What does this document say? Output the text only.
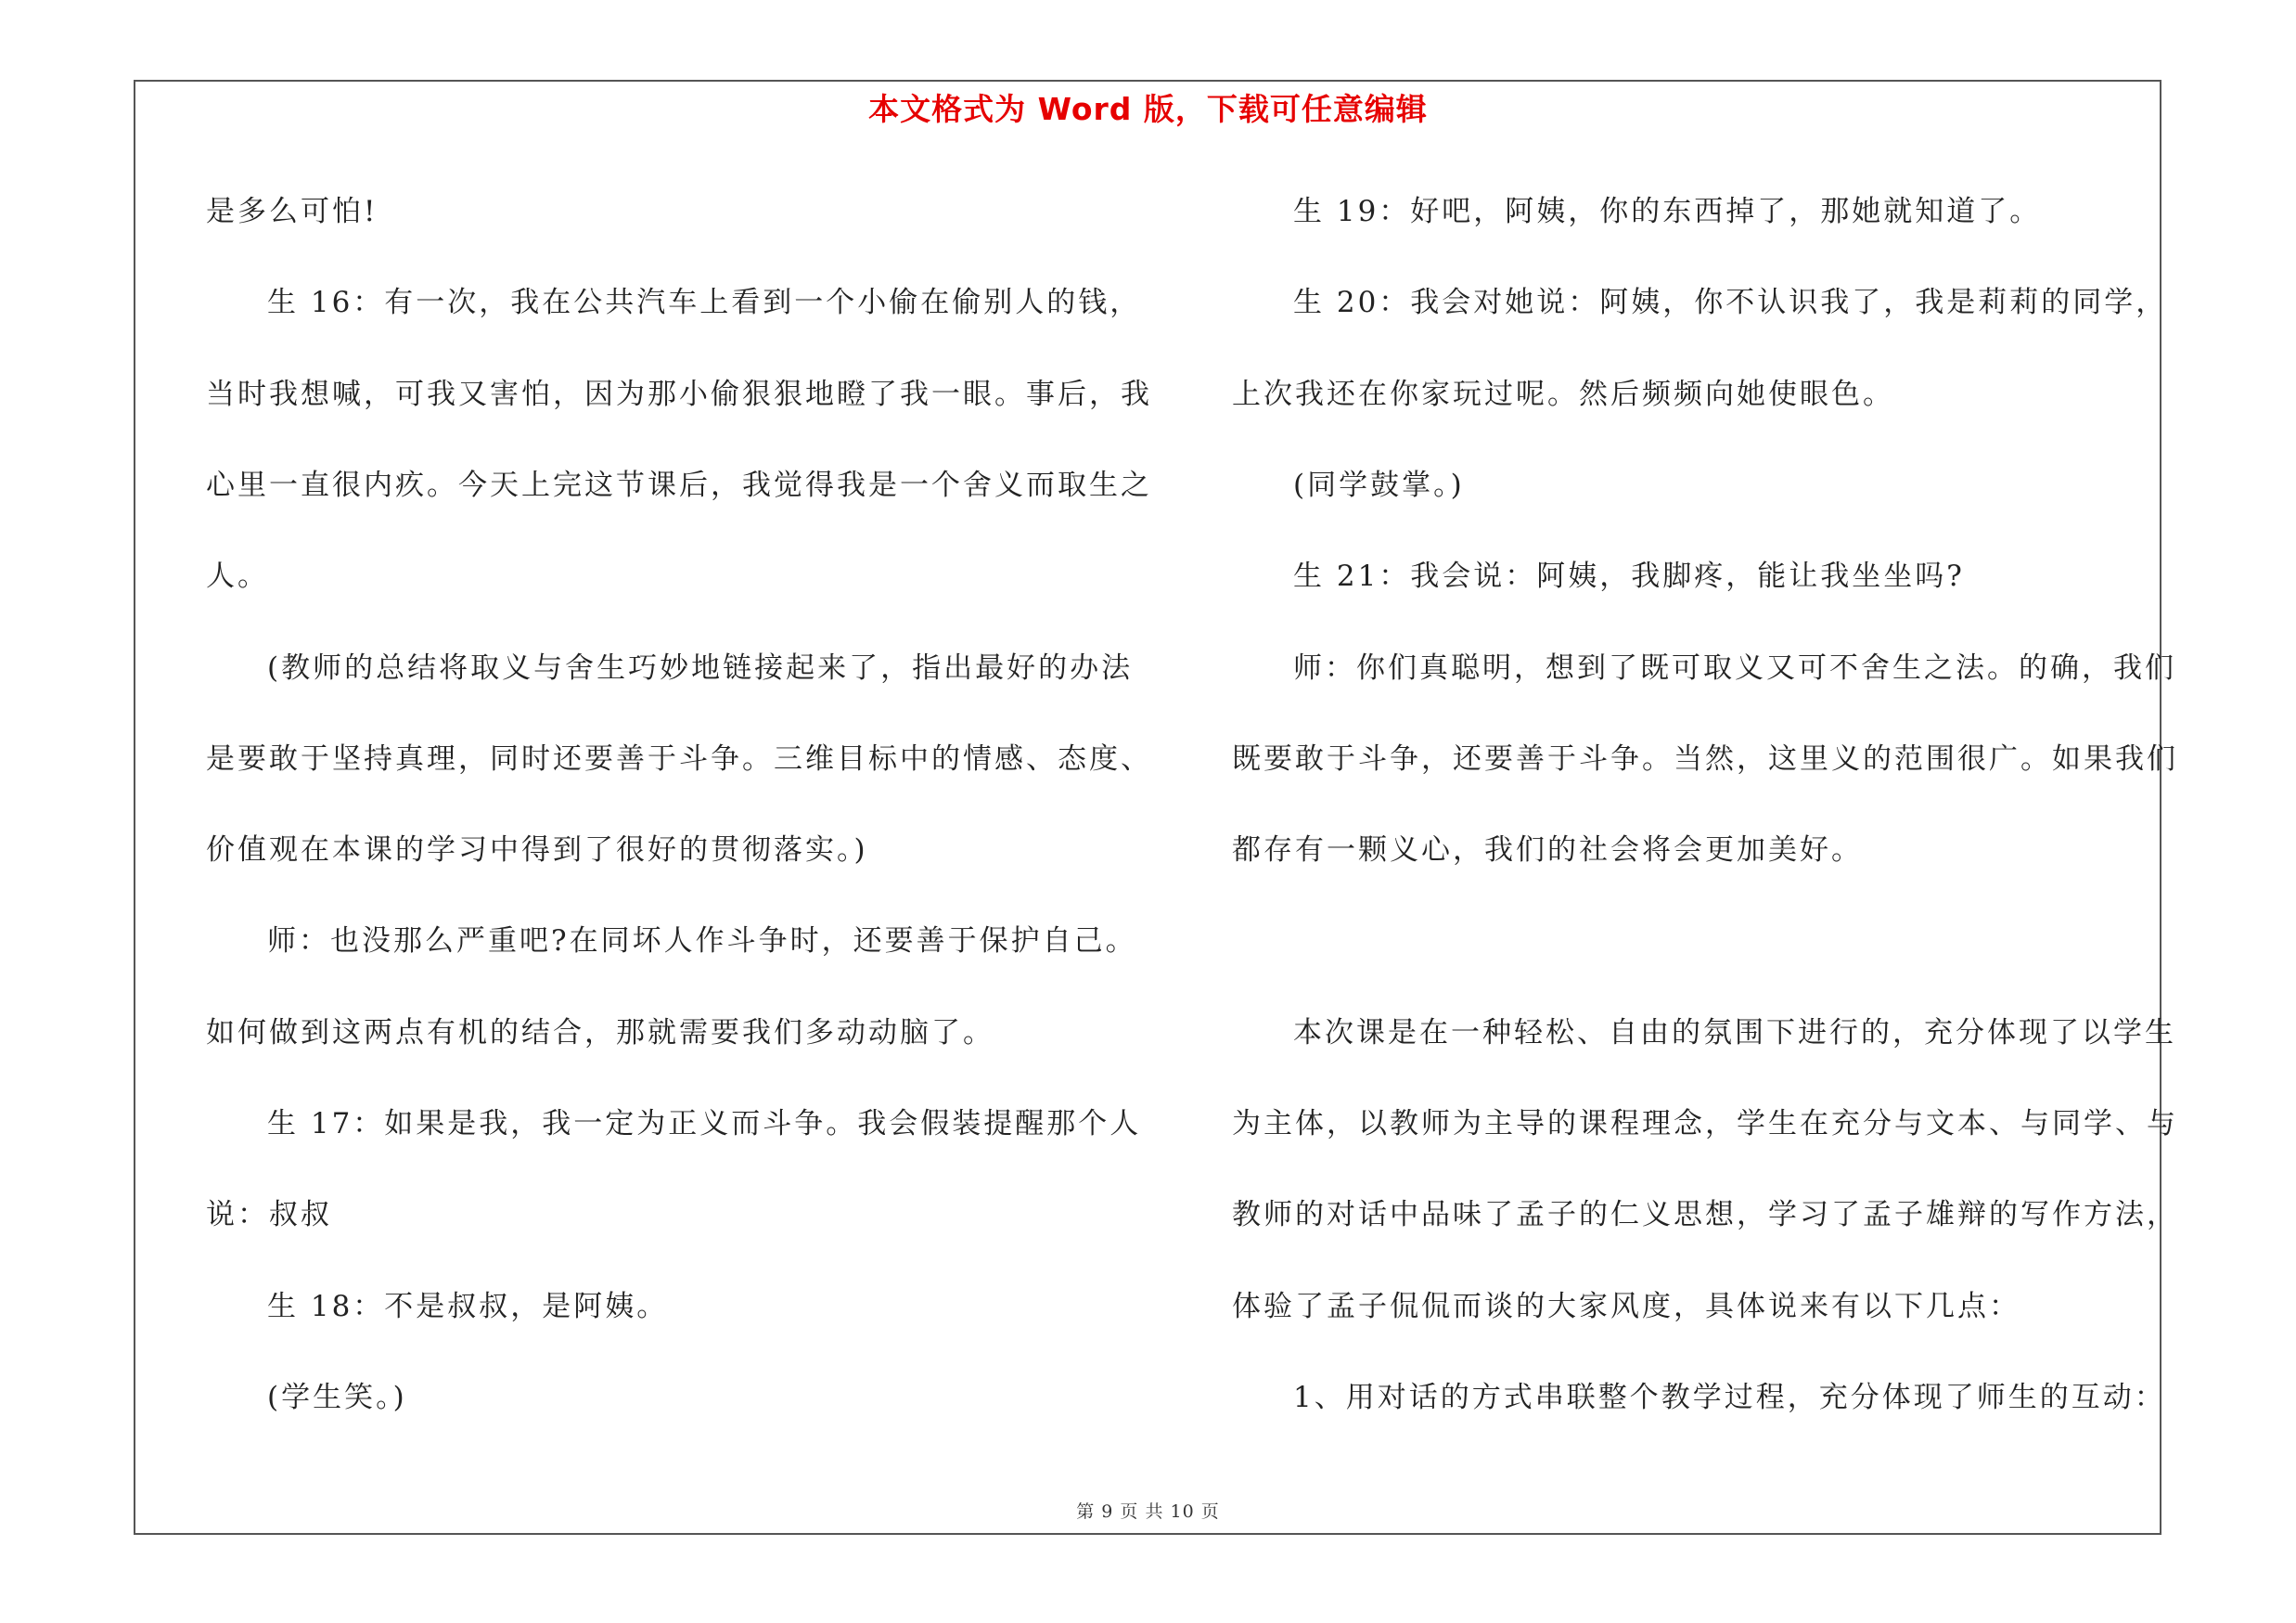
本文格式为 Word 版，下载可任意编辑
是多么可怕!
生 16：有一次，我在公共汽车上看到一个小偷在偷别人的钱，
当时我想喊，可我又害怕，因为那小偷狠狠地瞪了我一眼。事后，我
心里一直很内疚。今天上完这节课后，我觉得我是一个舍义而取生之
人。
(教师的总结将取义与舍生巧妙地链接起来了，指出最好的办法
是要敢于坚持真理，同时还要善于斗争。三维目标中的情感、态度、
价值观在本课的学习中得到了很好的贯彻落实。)
师：也没那么严重吧?在同坏人作斗争时，还要善于保护自己。
如何做到这两点有机的结合，那就需要我们多动动脑了。
生 17：如果是我，我一定为正义而斗争。我会假装提醒那个人
说：叔叔
生 18：不是叔叔，是阿姨。
(学生笑。)
生 19：好吧，阿姨，你的东西掉了，那她就知道了。
生 20：我会对她说：阿姨，你不认识我了，我是莉莉的同学，
上次我还在你家玩过呢。然后频频向她使眼色。
(同学鼓掌。)
生 21：我会说：阿姨，我脚疼，能让我坐坐吗?
师：你们真聪明，想到了既可取义又可不舍生之法。的确，我们
既要敢于斗争，还要善于斗争。当然，这里义的范围很广。如果我们
都存有一颗义心，我们的社会将会更加美好。
本次课是在一种轻松、自由的氛围下进行的，充分体现了以学生
为主体，以教师为主导的课程理念，学生在充分与文本、与同学、与
教师的对话中品味了孟子的仁义思想，学习了孟子雄辩的写作方法，
体验了孟子侃侃而谈的大家风度，具体说来有以下几点：
1、用对话的方式串联整个教学过程，充分体现了师生的互动：
第 9 页 共 10 页
